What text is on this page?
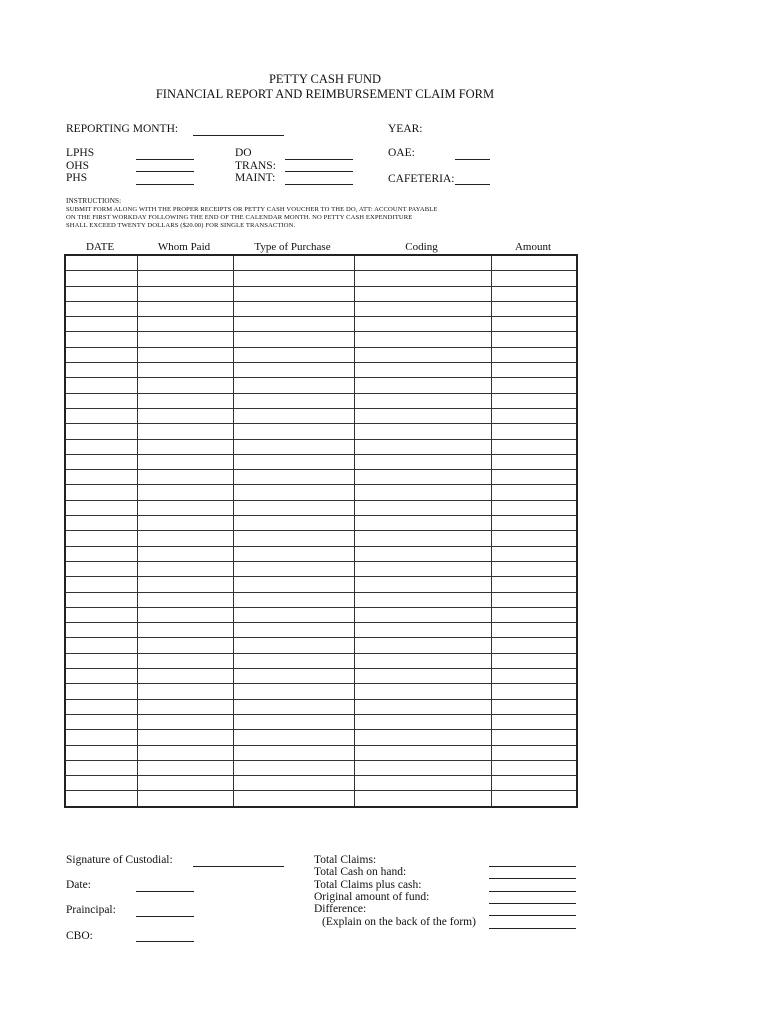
PETTY CASH FUND
FINANCIAL REPORT AND REIMBURSEMENT CLAIM FORM
REPORTING MONTH:	YEAR:
LPHS
OHS
PHS
DO
TRANS:
MAINT:
OAE:
CAFETERIA:
INSTRUCTIONS:
SUBMIT FORM ALONG WITH THE PROPER RECEIPTS OR PETTY CASH VOUCHER TO THE DO, ATT: ACCOUNT PAYABLE
ON THE FIRST WORKDAY FOLLOWING THE END OF THE CALENDAR MONTH. NO PETTY CASH EXPENDITURE
SHALL EXCEED TWENTY DOLLARS ($20.00) FOR SINGLE TRANSACTION.
DATE	Whom Paid	Type of Purchase	Coding	Amount

Signature of Custodial:
Date:
Praincipal:
CBO:
Total Claims:
Total Cash on hand:
Total Claims plus cash:
Original amount of fund:
Difference:
(Explain on the back of the form)
